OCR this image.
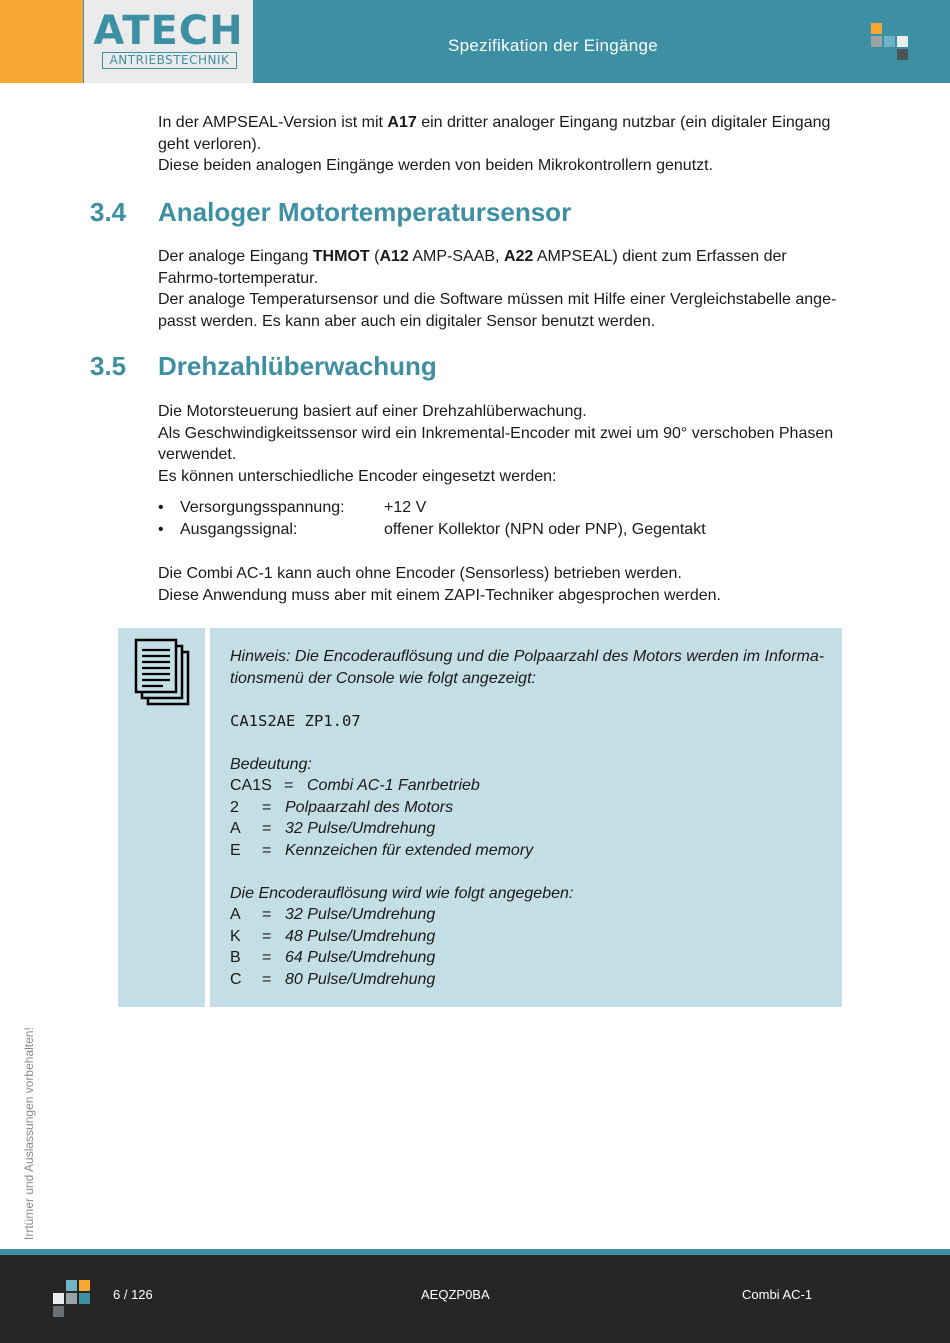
ATECH
ANTRIEBSTECHNIK
Spezifikation der Eingänge

In der AMPSEAL-Version ist mit A17 ein dritter analoger Eingang nutzbar (ein digitaler Eingang geht verloren).

Diese beiden analogen Eingänge werden von beiden Mikrokontrollern genutzt.

3.4 Analoger Motortemperatursensor

Der analoge Eingang THMOT (A12 AMP-SAAB, A22 AMPSEAL) dient zum Erfassen der Fahrmo-tortemperatur.

Der analoge Temperatursensor und die Software müssen mit Hilfe einer Vergleichstabelle ange-passt werden. Es kann aber auch ein digitaler Sensor benutzt werden.

3.5 Drehzahlüberwachung

Die Motorsteuerung basiert auf einer Drehzahlüberwachung.

Als Geschwindigkeitssensor wird ein Inkremental-Encoder mit zwei um 90° verschoben Phasen verwendet.

Es können unterschiedliche Encoder eingesetzt werden:

• Versorgungsspannung: +12 V
• Ausgangssignal:	offener Kollektor (NPN oder PNP), Gegentakt

Die Combi AC-1 kann auch ohne Encoder (Sensorless) betrieben werden.

Diese Anwendung muss aber mit einem ZAPI-Techniker abgesprochen werden.

Hinweis: Die Encoderauflösung und die Polpaarzahl des Motors werden im Informa-
tionsmenü der Console wie folgt angezeigt:
CA1S2AE ZP1.07
Bedeutung:
CA1S = Combi AC-1 Fanrbetrieb
2 = Polpaarzahl des Motors
A = 32 Pulse/Umdrehung
E = Kennzeichen für extended memory
Die Encoderauflösung wird wie folgt angegeben:
A = 32 Pulse/Umdrehung
K = 48 Pulse/Umdrehung
B = 64 Pulse/Umdrehung
C = 80 Pulse/Umdrehung
Irrtümer und Auslassungen vorbehalten!
6 / 126	AEQZP0BA	Combi AC-1
